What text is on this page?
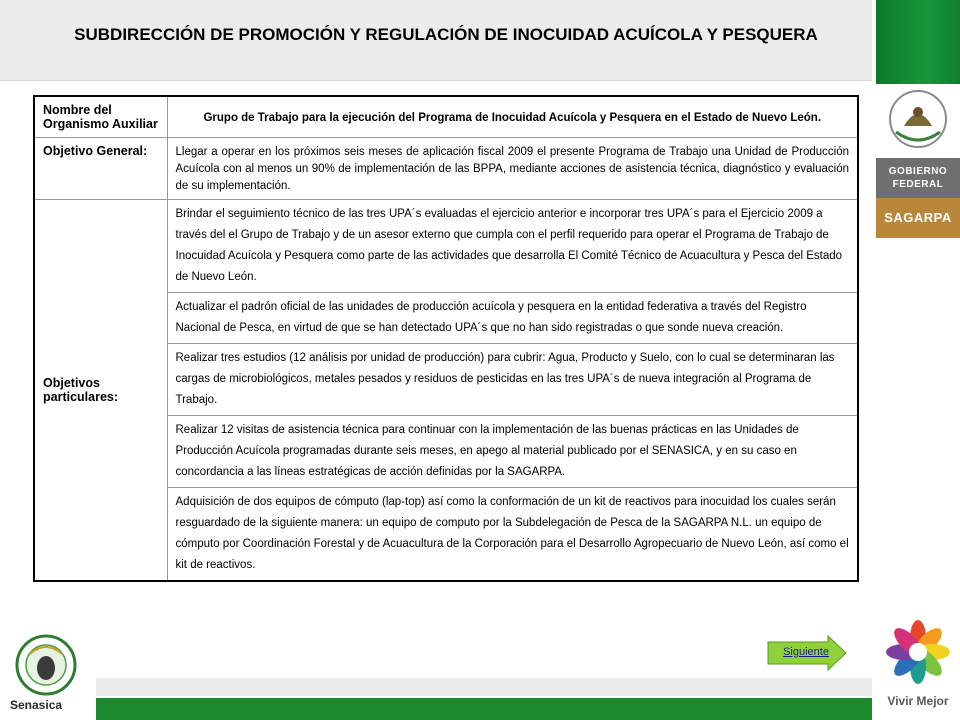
SUBDIRECCIÓN DE PROMOCIÓN Y REGULACIÓN DE INOCUIDAD ACUÍCOLA Y PESQUERA
Nombre del Organismo Auxiliar	Grupo de Trabajo para la ejecución del Programa de Inocuidad Acuícola y Pesquera en el Estado de Nuevo León.
Objetivo General:	Llegar a operar en los próximos seis meses de aplicación fiscal 2009 el presente Programa de Trabajo una Unidad de Producción Acuícola con al menos un 90% de implementación de las BPPA, mediante acciones de asistencia técnica, diagnóstico y evaluación de su implementación.
Objetivos particulares:	Brindar el seguimiento técnico de las tres UPA´s evaluadas el ejercicio anterior e incorporar tres UPA´s para el Ejercicio 2009 a través del el Grupo de Trabajo y de un asesor externo que cumpla con el perfil requerido para operar el Programa de Trabajo de Inocuidad Acuícola y Pesquera como parte de las actividades que desarrolla El Comité Técnico de Acuacultura y Pesca del Estado de Nuevo León.
	Actualizar el padrón oficial de las unidades de producción acuícola y pesquera en la entidad federativa a través del Registro Nacional de Pesca, en virtud de que se han detectado UPA´s que no han sido registradas o que sonde nueva creación.
	Realizar tres estudios (12 análisis por unidad de producción) para cubrir: Agua, Producto y Suelo, con lo cual se determinaran las cargas de microbiológicos, metales pesados y residuos de pesticidas en las tres UPA´s de nueva integración al Programa de Trabajo.
	Realizar 12 visitas de asistencia técnica para continuar con la implementación de las buenas prácticas en las Unidades de Producción Acuícola programadas durante seis meses, en apego al material publicado por el SENASICA, y en su caso en concordancia a las líneas estratégicas de acción definidas por la SAGARPA.
	Adquisición de dos equipos de cómputo (lap-top) así como la conformación de un kit de reactivos para inocuidad los cuales serán resguardado de la siguiente manera: un equipo de computo por la Subdelegación de Pesca de la SAGARPA N.L. un equipo de cómputo por Coordinación Forestal y de Acuacultura de la Corporación para el Desarrollo Agropecuario de Nuevo León, así como el kit de reactivos.
Siguiente
Senasica
GOBIERNO FEDERAL
SAGARPA
Vivir Mejor
